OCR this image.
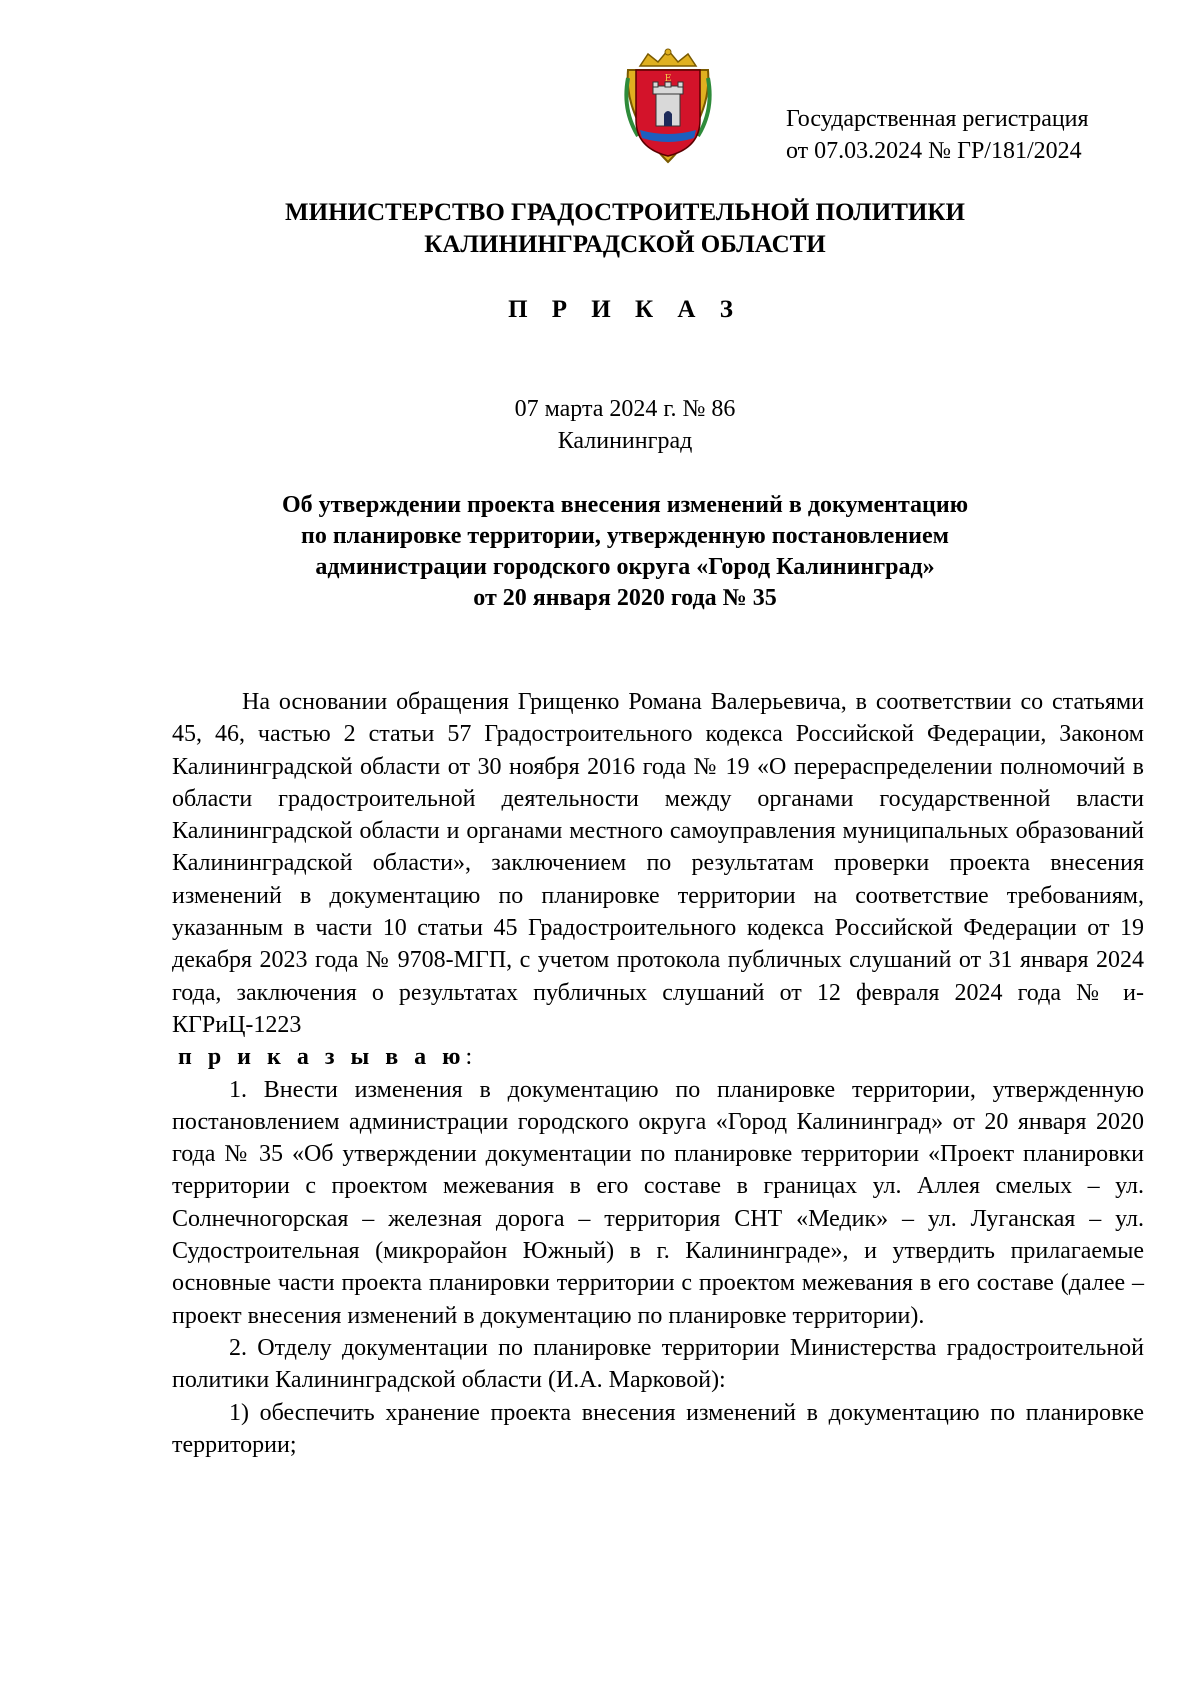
Е
Государственная регистрация
от 07.03.2024 № ГР/181/2024
МИНИСТЕРСТВО ГРАДОСТРОИТЕЛЬНОЙ ПОЛИТИКИ
КАЛИНИНГРАДСКОЙ ОБЛАСТИ
П Р И К А З
07 марта 2024 г. № 86
Калининград
Об утверждении проекта внесения изменений в документацию
по планировке территории, утвержденную постановлением
администрации городского округа «Город Калининград»
от 20 января 2020 года № 35

На основании обращения Грищенко Романа Валерьевича, в соответствии со статьями 45, 46, частью 2 статьи 57 Градостроительного кодекса Российской Федерации, Законом Калининградской области от 30 ноября 2016 года № 19 «О перераспределении полномочий в области градостроительной деятельности между органами государственной власти Калининградской области и органами местного самоуправления муниципальных образований Калининградской области», заключением по результатам проверки проекта внесения изменений в документацию по планировке территории на соответствие требованиям, указанным в части 10 статьи 45 Градостроительного кодекса Российской Федерации от 19 декабря 2023 года № 9708-МГП, с учетом протокола публичных слушаний от 31 января 2024 года, заключения о результатах публичных слушаний от 12 февраля 2024 года № и-КГРиЦ-1223

п р и к а з ы в а ю:

1. Внести изменения в документацию по планировке территории, утвержденную постановлением администрации городского округа «Город Калининград» от 20 января 2020 года № 35 «Об утверждении документации по планировке территории «Проект планировки территории с проектом межевания в его составе в границах ул. Аллея смелых – ул. Солнечногорская – железная дорога – территория СНТ «Медик» – ул. Луганская – ул. Судостроительная (микрорайон Южный) в г. Калининграде», и утвердить прилагаемые основные части проекта планировки территории с проектом межевания в его составе (далее – проект внесения изменений в документацию по планировке территории).

2. Отделу документации по планировке территории Министерства градостроительной политики Калининградской области (И.А. Марковой):

1) обеспечить хранение проекта внесения изменений в документацию по планировке территории;
